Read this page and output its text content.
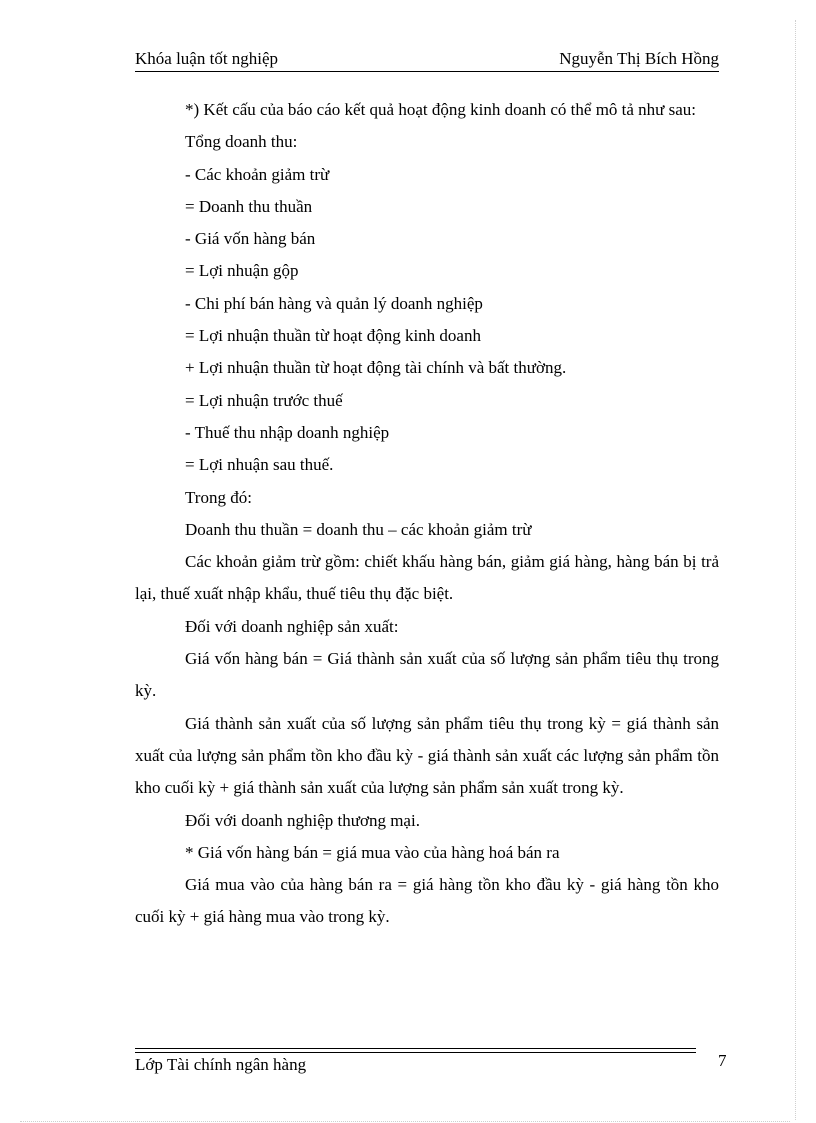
Khóa luận tốt nghiệp	Nguyễn Thị Bích Hồng

*) Kết cấu của báo cáo kết quả hoạt động kinh doanh có thể mô tả như sau:

Tổng doanh thu:

- Các khoản giảm trừ

= Doanh thu thuần

- Giá vốn hàng bán

= Lợi nhuận gộp

- Chi phí bán hàng và quản lý doanh nghiệp

= Lợi nhuận thuần từ hoạt động kinh doanh

+ Lợi nhuận thuần từ hoạt động tài chính và bất thường.

= Lợi nhuận trước thuế

- Thuế thu nhập doanh nghiệp

= Lợi nhuận sau thuế.

Trong đó:

Doanh thu thuần = doanh thu – các khoản giảm trừ

Các khoản giảm trừ gồm: chiết khấu hàng bán, giảm giá hàng, hàng bán bị trả lại, thuế xuất nhập khẩu, thuế tiêu thụ đặc biệt.

Đối với doanh nghiệp sản xuất:

Giá vốn hàng bán = Giá thành sản xuất của số lượng sản phẩm tiêu thụ trong kỳ.

Giá thành sản xuất của số lượng sản phẩm tiêu thụ trong kỳ = giá thành sản xuất của lượng sản phẩm tồn kho đầu kỳ - giá thành sản xuất các lượng sản phẩm tồn kho cuối kỳ + giá thành sản xuất của lượng sản phẩm sản xuất trong kỳ.

Đối với doanh nghiệp thương mại.

* Giá vốn hàng bán = giá mua vào của hàng hoá bán ra

Giá mua vào của hàng bán ra = giá hàng tồn kho đầu kỳ - giá hàng tồn kho cuối kỳ + giá hàng mua vào trong kỳ.

Lớp Tài chính ngân hàng	7
